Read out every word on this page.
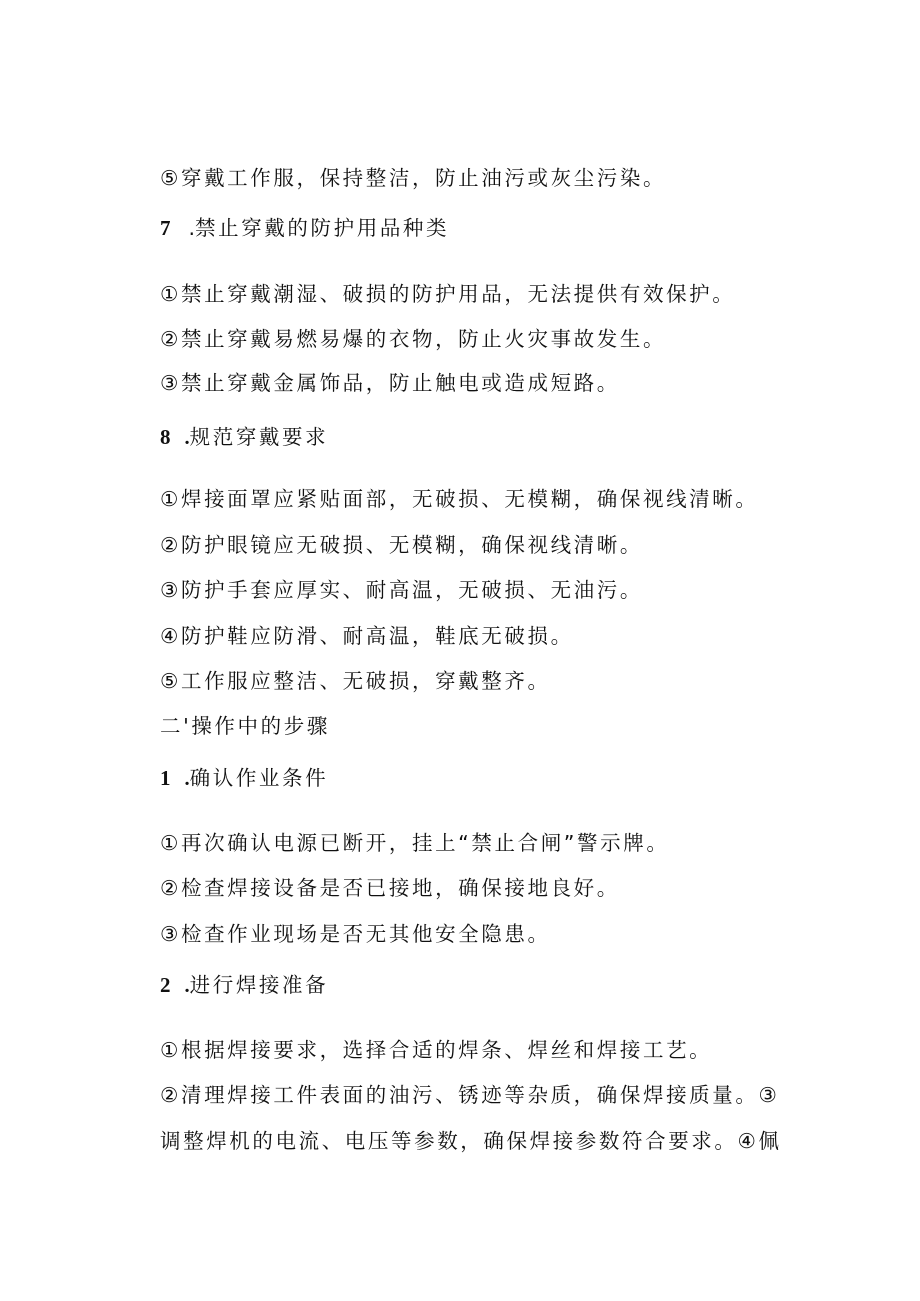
⑤穿戴工作服，保持整洁，防止油污或灰尘污染。
7 .禁止穿戴的防护用品种类
①禁止穿戴潮湿、破损的防护用品，无法提供有效保护。
②禁止穿戴易燃易爆的衣物，防止火灾事故发生。
③禁止穿戴金属饰品，防止触电或造成短路。
8 .规范穿戴要求
①焊接面罩应紧贴面部，无破损、无模糊，确保视线清晰。
②防护眼镜应无破损、无模糊，确保视线清晰。
③防护手套应厚实、耐高温，无破损、无油污。
④防护鞋应防滑、耐高温，鞋底无破损。
⑤工作服应整洁、无破损，穿戴整齐。
二'操作中的步骤
1 .确认作业条件
①再次确认电源已断开，挂上“禁止合闸”警示牌。
②检查焊接设备是否已接地，确保接地良好。
③检查作业现场是否无其他安全隐患。
2 .进行焊接准备
①根据焊接要求，选择合适的焊条、焊丝和焊接工艺。
②清理焊接工件表面的油污、锈迹等杂质，确保焊接质量。③
调整焊机的电流、电压等参数，确保焊接参数符合要求。④佩
